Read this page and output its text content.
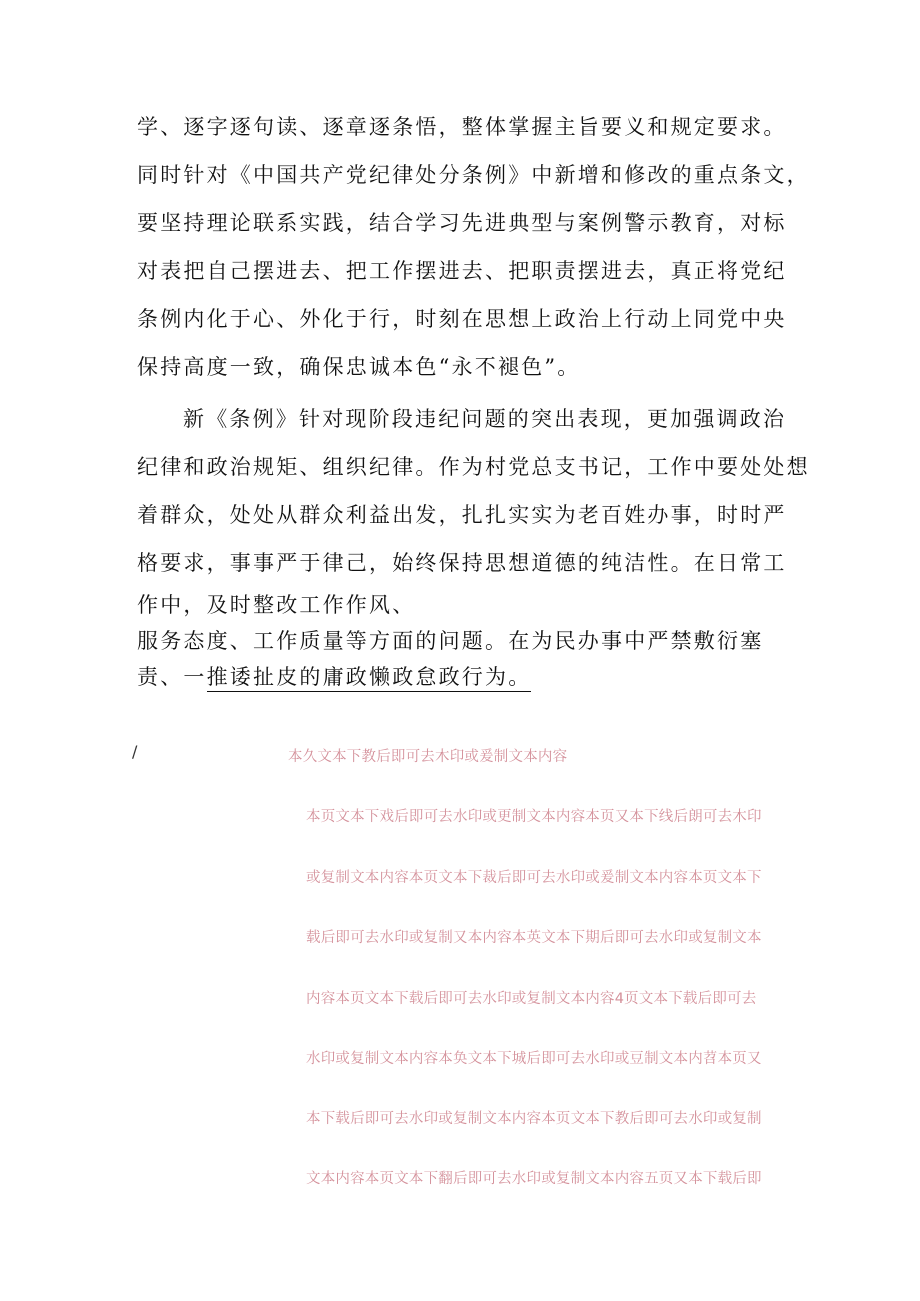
学、逐字逐句读、逐章逐条悟，整体掌握主旨要义和规定要求。
同时针对《中国共产党纪律处分条例》中新增和修改的重点条文，
要坚持理论联系实践，结合学习先进典型与案例警示教育，对标
对表把自己摆进去、把工作摆进去、把职责摆进去，真正将党纪
条例内化于心、外化于行，时刻在思想上政治上行动上同党中央
保持高度一致，确保忠诚本色“永不褪色”。
新《条例》针对现阶段违纪问题的突出表现，更加强调政治
纪律和政治规矩、组织纪律。作为村党总支书记，工作中要处处想
着群众，处处从群众利益出发，扎扎实实为老百姓办事，时时严
格要求，事事严于律己，始终保持思想道德的纯洁性。在日常工
作中，及时整改工作作风、
服务态度、工作质量等方面的问题。在为民办事中严禁敷衍塞
责、一推诿扯皮的庸政懒政怠政行为。
/	本久文本下教后即可去木印或爰制文本内容
本页文本下戏后即可去水印或更制文本内容本页又本下线后朗可去木印
或复制文本内容本页文本下裁后即可去水印或爰制文本内容本页文本下
载后即可去水印或复制又本内容本英文本下期后即可去水印或复制文本
内容本页文本下载后即可去水印或复制文本内容4页文本下载后即可去
水印或复制文本内容本奂文本下城后即可去水印或豆制文本内苕本页又
本下载后即可去水印或复制文本内容本页文本下教后即可去水印或复制
文本内容本页文本下翻后即可去水印或复制文本内容五页又本下载后即
